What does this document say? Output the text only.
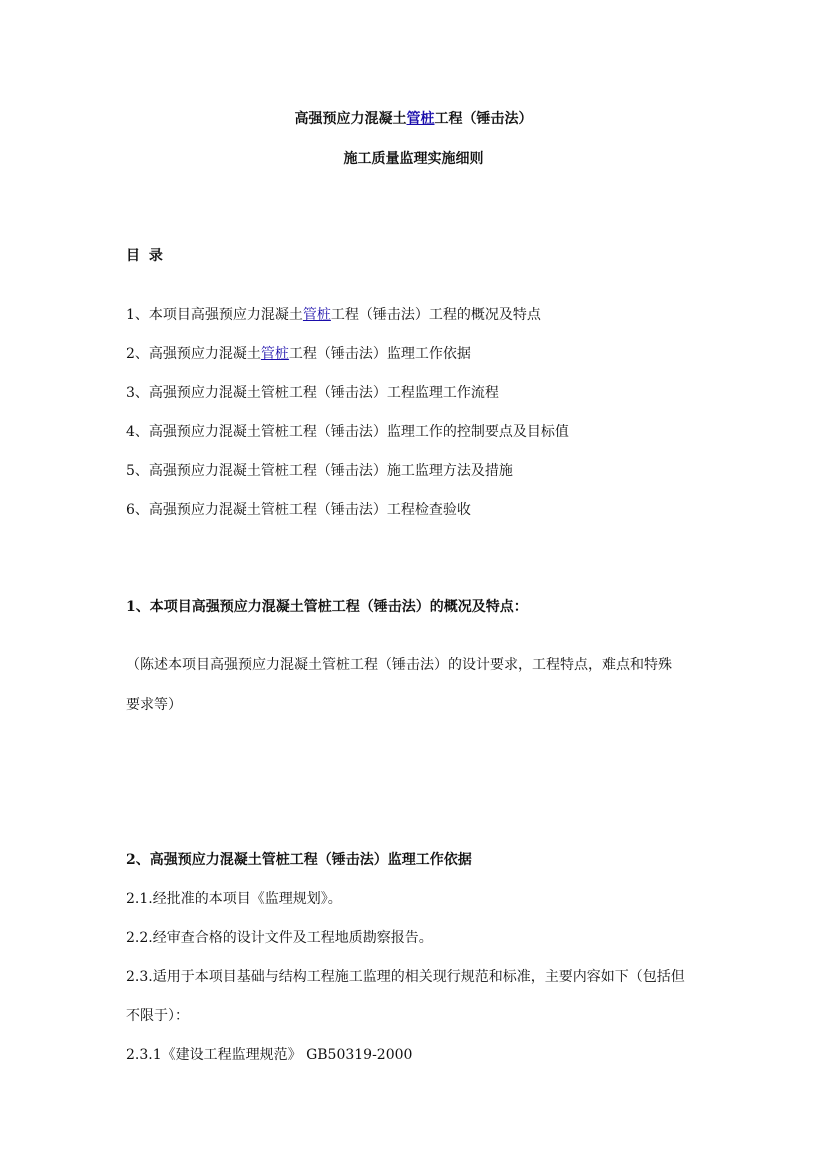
高强预应力混凝土管桩工程（锤击法）

施工质量监理实施细则

目 录

1、本项目高强预应力混凝土管桩工程（锤击法）工程的概况及特点

2、高强预应力混凝土管桩工程（锤击法）监理工作依据

3、高强预应力混凝土管桩工程（锤击法）工程监理工作流程

4、高强预应力混凝土管桩工程（锤击法）监理工作的控制要点及目标值

5、高强预应力混凝土管桩工程（锤击法）施工监理方法及措施

6、高强预应力混凝土管桩工程（锤击法）工程检查验收

1、本项目高强预应力混凝土管桩工程（锤击法）的概况及特点：

（陈述本项目高强预应力混凝土管桩工程（锤击法）的设计要求，工程特点，难点和特殊

要求等）

2、高强预应力混凝土管桩工程（锤击法）监理工作依据

2.1.经批准的本项目《监理规划》。

2.2.经审查合格的设计文件及工程地质勘察报告。

2.3.适用于本项目基础与结构工程施工监理的相关现行规范和标准，主要内容如下（包括但

不限于）：

2.3.1《建设工程监理规范》 GB50319-2000
